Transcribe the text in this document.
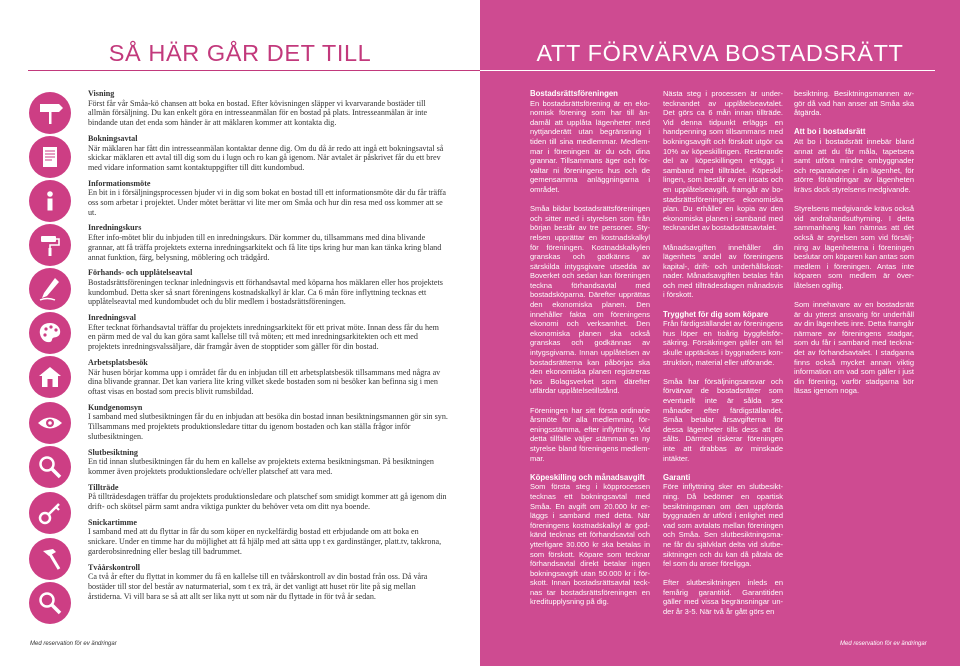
SÅ HÄR GÅR DET TILL
Visning
Först får vår Småa-kö chansen att boka en bostad. Efter kövisningen släpper vi kvarvarande bostäder till allmän försäljning. Du kan enkelt göra en intresseanmälan för en bostad på plats. Intresseanmälan är inte bindande utan det enda som händer är att mäklaren kommer att kontakta dig.
Bokningsavtal
När mäklaren har fått din intresseanmälan kontaktar denne dig. Om du då är redo att ingå ett bokningsavtal så skickar mäklaren ett avtal till dig som du i lugn och ro kan gå igenom. När avtalet är påskrivet får du ett brev med vidare information samt kontaktuppgifter till ditt kundombud.
Informationsmöte
En bit in i försäljningsprocessen bjuder vi in dig som bokat en bostad till ett informationsmöte där du får träffa oss som arbetar i projektet. Under mötet berättar vi lite mer om Småa och hur din resa med oss kommer att se ut.
Inredningskurs
Efter info-mötet blir du inbjuden till en inredningskurs. Där kommer du, tillsammans med dina blivande grannar, att få träffa projektets externa inredningsarkitekt och få lite tips kring hur man kan tänka kring bland annat funktion, färg, belysning, möblering och trädgård.
Förhands- och upplåtelseavtal
Bostadsrättsföreningen tecknar inledningsvis ett förhandsavtal med köparna hos mäklaren eller hos projektets kundombud. Detta sker så snart föreningens kostnadskalkyl är klar. Ca 6 mån före inflyttning tecknas ett upplåtelseavtal med kundombudet och du blir medlem i bostadsrättsföreningen.
Inredningsval
Efter tecknat förhandsavtal träffar du projektets inredningsarkitekt för ett privat möte. Innan dess får du hem en pärm med de val du kan göra samt kallelse till två möten; ett med inredningsarkitekten och ett med projektets inredningsvalssäljare, där framgår även de stopptider som gäller för din bostad.
Arbetsplatsbesök
När husen börjar komma upp i området får du en inbjudan till ett arbetsplatsbesök tillsammans med några av dina blivande grannar. Det kan variera lite kring vilket skede bostaden som ni besöker kan befinna sig i men oftast visas en bostad som precis blivit rumsbildad.
Kundgenomsyn
I samband med slutbesiktningen får du en inbjudan att besöka din bostad innan besiktningsmannen gör sin syn. Tillsammans med projektets produktionsledare tittar du igenom bostaden och kan ställa frågor inför slutbesiktningen.
Slutbesiktning
En tid innan slutbesiktningen får du hem en kallelse av projektets externa besiktningsman. På besiktningen kommer även projektets produktionsledare och/eller platschef att vara med.
Tillträde
På tillträdesdagen träffar du projektets produktionsledare och platschef som smidigt kommer att gå igenom din drift- och skötsel pärm samt andra viktiga punkter du behöver veta om ditt nya boende.
Snickartimme
I samband med att du flyttar in får du som köper en nyckelfärdig bostad ett erbjudande om att boka en snickare. Under en timme har du möjlighet att få hjälp med att sätta upp t ex gardinstänger, platt.tv, takkrona, garderobsinredning eller beslag till badrummet.
Tvåårskontroll
Ca två år efter du flyttat in kommer du få en kallelse till en tvåårskontroll av din bostad från oss. Då våra bostäder till stor del består av naturmaterial, som t ex trä, är det vanligt att huset rör lite på sig mellan årstiderna. Vi vill bara se så att allt ser lika nytt ut som när du flyttade in för två år sedan.
Med reservation för ev ändringar
ATT FÖRVÄRVA BOSTADSRÄTT
Bostadsrättsföreningen

En bostadsrättsförening är en ekonomisk förening som har till ändamål att upplåta lägenheter med nyttjanderätt utan begränsning i tiden till sina medlemmar. Medlemmar i föreningen är du och dina grannar. Tillsammans äger och förvaltar ni föreningens hus och de gemensamma anläggningarna i området.

Småa bildar bostadsrättsföreningen och sitter med i styrelsen som från början består av tre personer. Styrelsen upprättar en kostnadskalkyl för föreningen. Kostnadskalkylen granskas och godkänns av särskilda intygsgivare utsedda av Boverket och sedan kan föreningen teckna förhandsavtal med bostadsköparna. Därefter upprättas den ekonomiska planen. Den innehåller fakta om föreningens ekonomi och verksamhet. Den ekonomiska planen ska också granskas och godkännas av intygsgivarna. Innan upplåtelsen av bostadsrätterna kan påbörjas ska den ekonomiska planen registreras hos Bolagsverket som därefter utfärdar upplåtelsetillstånd.

Föreningen har sitt första ordinarie årsmöte för alla medlemmar, föreningsstämma, efter inflyttning. Vid detta tillfälle väljer stämman en ny styrelse bland föreningens medlemmar.

Köpeskilling och månadsavgift

Som första steg i köpprocessen tecknas ett bokningsavtal med Småa. En avgift om 20.000 kr erläggs i samband med detta. När föreningens kostnadskalkyl är godkänd tecknas ett förhandsavtal och ytterligare 30.000 kr ska betalas in som förskott. Köpare som tecknar förhandsavtal direkt betalar ingen bokningsavgift utan 50.000 kr i förskott. Innan bostadsrättsavtal tecknas tar bostadsrättsföreningen en kreditupplysning på dig.

Nästa steg i processen är undertecknandet av upplåtelseavtalet. Det görs ca 6 mån innan tillträde. Vid denna tidpunkt erläggs en handpenning som tillsammans med bokningsavgift och förskott utgör ca 10% av köpeskillingen. Resterande del av köpeskillingen erläggs i samband med tillträdet. Köpeskillingen, som består av en insats och en upplåtelseavgift, framgår av bostadsrättsföreningens ekonomiska plan. Du erhåller en kopia av den ekonomiska planen i samband med tecknandet av bostadsrättsavtalet.

Månadsavgiften innehåller din lägenhets andel av föreningens kapital-, drift- och underhållskostnader. Månadsavgiften betalas från och med tillträdesdagen månadsvis i förskott.

Trygghet för dig som köpare

Från färdigställandet av föreningens hus löper en tioårig byggfelsförsäkring. Försäkringen gäller om fel skulle upptäckas i byggnadens konstruktion, material eller utförande.

Småa har försäljningsansvar och förvärvar de bostadsrätter som eventuellt inte är sålda sex månader efter färdigställandet. Småa betalar årsavgifterna för dessa lägenheter tills dess att de sålts. Därmed riskerar föreningen inte att drabbas av minskade intäkter.

Garanti

Före inflyttning sker en slutbesiktning. Då bedömer en opartisk besiktningsman om den uppförda byggnaden är utförd i enlighet med vad som avtalats mellan föreningen och Småa. Sen slutbesiktningsmane får du självklart delta vid slutbesiktningen och du kan då påtala de fel som du anser föreligga.

Efter slutbesiktningen inleds en femårig garantitid. Garantitiden gäller med vissa begränsningar under år 3-5. När två år gått görs en

besiktning. Besiktningsmannen avgör då vad han anser att Småa ska åtgärda.

Att bo i bostadsrätt

Att bo i bostadsrätt innebär bland annat att du får måla, tapetsera samt utföra mindre ombyggnader och reparationer i din lägenhet, för större förändringar av lägenheten krävs dock styrelsens medgivande.

Styrelsens medgivande krävs också vid andrahandsuthyrning. I detta sammanhang kan nämnas att det också är styrelsen som vid försäljning av lägenheterna i föreningen beslutar om köparen kan antas som medlem i föreningen. Antas inte köparen som medlem är överlåtelsen ogiltig.

Som innehavare av en bostadsrätt är du ytterst ansvarig för underhåll av din lägenhets inre. Detta framgår närmare av föreningens stadgar, som du får i samband med tecknadet av förhandsavtalet. I stadgarna finns också mycket annan viktig information om vad som gäller i just din förening, varför stadgarna bör läsas igenom noga.

Med reservation för ev ändringar
